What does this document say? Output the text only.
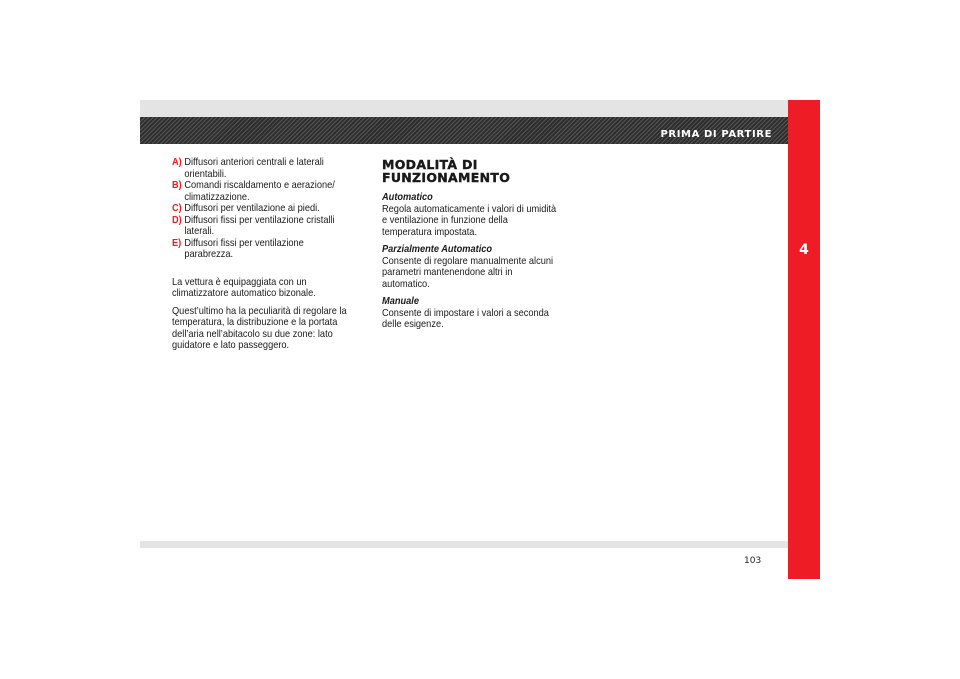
PRIMA DI PARTIRE
4
A) Diffusori anteriori centrali e laterali orientabili.
B) Comandi riscaldamento e aerazione/ climatizzazione.
C) Diffusori per ventilazione ai piedi.
D) Diffusori fissi per ventilazione cristalli laterali.
E) Diffusori fissi per ventilazione parabrezza.
La vettura è equipaggiata con un climatizzatore automatico bizonale.
Quest’ultimo ha la peculiarità di regolare la temperatura, la distribuzione e la portata dell’aria nell’abitacolo su due zone: lato guidatore e lato passeggero.
MODALITÀ DI
FUNZIONAMENTO
Automatico
Regola automaticamente i valori di umidità e ventilazione in funzione della temperatura impostata.
Parzialmente Automatico
Consente di regolare manualmente alcuni parametri mantenendone altri in automatico.
Manuale
Consente di impostare i valori a seconda delle esigenze.
103
